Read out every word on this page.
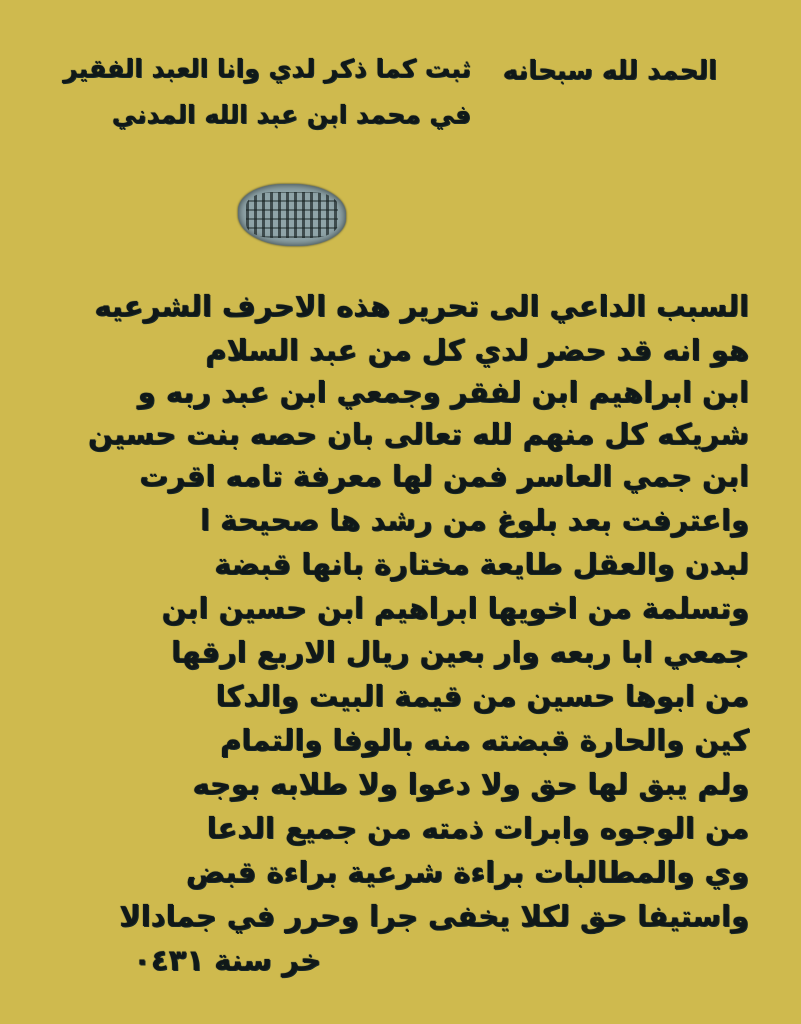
الحمد لله سبحانه
ثبت كما ذكر لدي وانا العبد الفقير
في محمد ابن عبد الله المدني
السبب الداعي الى تحرير هذه الاحرف الشرعيه
هو انه قد حضر لدي كل من عبد السلام
ابن ابراهيم ابن لفقر وجمعي ابن عبد ربه و
شريكه كل منهم لله تعالى بان حصه بنت حسين
ابن جمي العاسر فمن لها معرفة تامه اقرت
واعترفت بعد بلوغ من رشد ها صحيحة ا
لبدن والعقل طايعة مختارة بانها قبضة
وتسلمة من اخويها ابراهيم ابن حسين ابن
جمعي ابا ربعه وار بعين ريال الاربع ارقها
من ابوها حسين من قيمة البيت والدكا
كين والحارة قبضته منه بالوفا والتمام
ولم يبق لها حق ولا دعوا ولا طلابه بوجه
من الوجوه وابرات ذمته من جميع الدعا
وي والمطالبات براءة شرعية براءة قبض
واستيفا حق لكلا يخفى جرا وحرر في جمادالا
خر سنة ١٣٤٠
